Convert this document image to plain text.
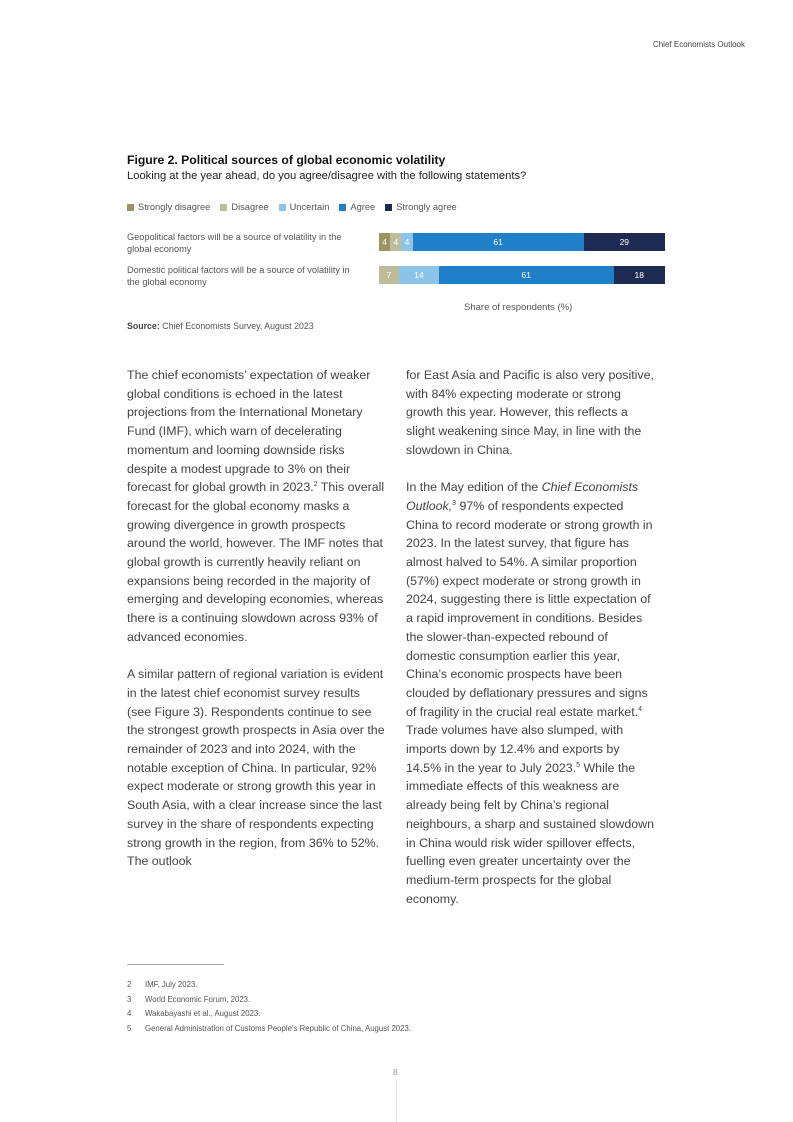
Chief Economists Outlook

Figure 2. Political sources of global economic volatility

Looking at the year ahead, do you agree/disagree with the following statements?

Strongly disagree Disagree Uncertain Agree Strongly agree
Geopolitical factors will be a source of volatility in the global economy
4 4 4	61	29
Domestic political factors will be a source of volatility in the global economy
7	14	61	18
Share of respondents (%)
Source: Chief Economists Survey, August 2023

The chief economists’ expectation of weaker global conditions is echoed in the latest projections from the International Monetary Fund (IMF), which warn of decelerating momentum and looming downside risks despite a modest upgrade to 3% on their forecast for global growth in 2023.$^2$ This overall forecast for the global economy masks a growing divergence in growth prospects around the world, however. The IMF notes that global growth is currently heavily reliant on expansions being recorded in the majority of emerging and developing economies, whereas there is a continuing slowdown across 93% of advanced economies.

A similar pattern of regional variation is evident in the latest chief economist survey results (see Figure 3). Respondents continue to see the strongest growth prospects in Asia over the remainder of 2023 and into 2024, with the notable exception of China. In particular, 92% expect moderate or strong growth this year in South Asia, with a clear increase since the last survey in the share of respondents expecting strong growth in the region, from 36% to 52%. The outlook

for East Asia and Pacific is also very positive, with 84% expecting moderate or strong growth this year. However, this reflects a slight weakening since May, in line with the slowdown in China.

In the May edition of the Chief Economists Outlook,$^3$ 97% of respondents expected China to record moderate or strong growth in 2023. In the latest survey, that figure has almost halved to 54%. A similar proportion (57%) expect moderate or strong growth in 2024, suggesting there is little expectation of a rapid improvement in conditions. Besides the slower-than-expected rebound of domestic consumption earlier this year, China’s economic prospects have been clouded by deflationary pressures and signs of fragility in the crucial real estate market.$^4$ Trade volumes have also slumped, with imports down by 12.4% and exports by 14.5% in the year to July 2023.$^5$ While the immediate effects of this weakness are already being felt by China’s regional neighbours, a sharp and sustained slowdown in China would risk wider spillover effects, fuelling even greater uncertainty over the medium-term prospects for the global economy.

2	IMF, July 2023.
3	World Economic Forum, 2023.
4	Wakabayashi et al., August 2023.
5	General Administration of Customs People’s Republic of China, August 2023.
8
